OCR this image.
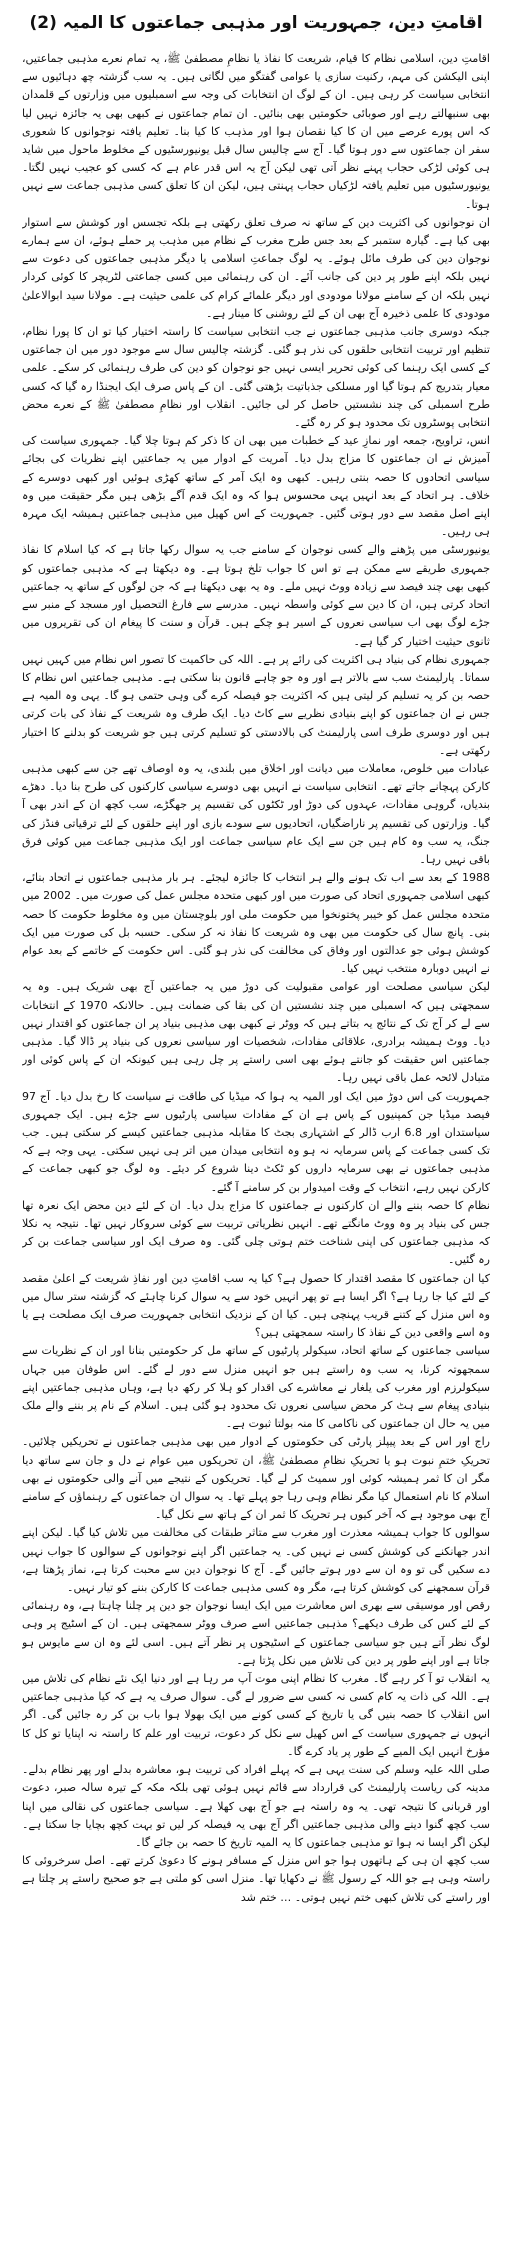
اقامتِ دین، جمہوریت اور مذہبی جماعتوں کا المیہ (2)

اقامتِ دین، اسلامی نظام کا قیام، شریعت کا نفاذ یا نظامِ مصطفیٰ ﷺ، یہ تمام نعرے مذہبی جماعتیں، اپنی الیکشن کی مہم، رکنیت سازی یا عوامی گفتگو میں لگاتی ہیں۔ یہ سب گزشتہ چھ دہائیوں سے انتخابی سیاست کر رہی ہیں۔ ان کے لوگ ان انتخابات کی وجہ سے اسمبلیوں میں وزارتوں کے قلمدان بھی سنبھالتے رہے اور صوبائی حکومتیں بھی بنائیں۔ ان تمام جماعتوں نے کبھی بھی یہ جائزہ نہیں لیا کہ اس پورے عرصے میں ان کا کیا نقصان ہوا اور مذہب کا کیا بنا۔ تعلیم یافتہ نوجوانوں کا شعوری سفر ان جماعتوں سے دور ہوتا گیا۔ آج سے چالیس سال قبل یونیورسٹیوں کے مخلوط ماحول میں شاید ہی کوئی لڑکی حجاب پہنے نظر آتی تھی لیکن آج یہ اس قدر عام ہے کہ کسی کو عجیب نہیں لگتا۔ یونیورسٹیوں میں تعلیم یافتہ لڑکیاں حجاب پہنتی ہیں، لیکن ان کا تعلق کسی مذہبی جماعت سے نہیں ہوتا۔

ان نوجوانوں کی اکثریت دین کے ساتھ نہ صرف تعلق رکھتی ہے بلکہ تجسس اور کوشش سے استوار بھی کیا ہے۔ گیارہ ستمبر کے بعد جس طرح مغرب کے نظام میں مذہب پر حملے ہوئے، ان سے ہمارے نوجوان دین کی طرف مائل ہوئے۔ یہ لوگ جماعتِ اسلامی یا دیگر مذہبی جماعتوں کی دعوت سے نہیں بلکہ اپنے طور پر دین کی جانب آئے۔ ان کی رہنمائی میں کسی جماعتی لٹریچر کا کوئی کردار نہیں بلکہ ان کے سامنے مولانا مودودی اور دیگر علمائے کرام کی علمی حیثیت ہے۔ مولانا سید ابوالاعلیٰ مودودی کا علمی ذخیرہ آج بھی ان کے لئے روشنی کا مینار ہے۔

جبکہ دوسری جانب مذہبی جماعتوں نے جب انتخابی سیاست کا راستہ اختیار کیا تو ان کا پورا نظام، تنظیم اور تربیت انتخابی حلقوں کی نذر ہو گئی۔ گزشتہ چالیس سال سے موجود دور میں ان جماعتوں کے کسی ایک رہنما کی کوئی تحریر ایسی نہیں جو نوجوان کو دین کی طرف رہنمائی کر سکے۔ علمی معیار بتدریج کم ہوتا گیا اور مسلکی جذباتیت بڑھتی گئی۔ ان کے پاس صرف ایک ایجنڈا رہ گیا کہ کسی طرح اسمبلی کی چند نشستیں حاصل کر لی جائیں۔ انقلاب اور نظامِ مصطفیٰ ﷺ کے نعرے محض انتخابی پوسٹروں تک محدود ہو کر رہ گئے۔

انس، تراویح، جمعہ اور نمازِ عید کے خطبات میں بھی ان کا ذکر کم ہوتا چلا گیا۔ جمہوری سیاست کی آمیزش نے ان جماعتوں کا مزاج بدل دیا۔ آمریت کے ادوار میں یہ جماعتیں اپنے نظریات کی بجائے سیاسی اتحادوں کا حصہ بنتی رہیں۔ کبھی وہ ایک آمر کے ساتھ کھڑی ہوئیں اور کبھی دوسرے کے خلاف۔ ہر اتحاد کے بعد انہیں یہی محسوس ہوا کہ وہ ایک قدم آگے بڑھی ہیں مگر حقیقت میں وہ اپنے اصل مقصد سے دور ہوتی گئیں۔ جمہوریت کے اس کھیل میں مذہبی جماعتیں ہمیشہ ایک مہرہ ہی رہیں۔

یونیورسٹی میں پڑھنے والے کسی نوجوان کے سامنے جب یہ سوال رکھا جاتا ہے کہ کیا اسلام کا نفاذ جمہوری طریقے سے ممکن ہے تو اس کا جواب تلخ ہوتا ہے۔ وہ دیکھتا ہے کہ مذہبی جماعتوں کو کبھی بھی چند فیصد سے زیادہ ووٹ نہیں ملے۔ وہ یہ بھی دیکھتا ہے کہ جن لوگوں کے ساتھ یہ جماعتیں اتحاد کرتی ہیں، ان کا دین سے کوئی واسطہ نہیں۔ مدرسے سے فارغ التحصیل اور مسجد کے منبر سے جڑے لوگ بھی اب سیاسی نعروں کے اسیر ہو چکے ہیں۔ قرآن و سنت کا پیغام ان کی تقریروں میں ثانوی حیثیت اختیار کر گیا ہے۔

جمہوری نظام کی بنیاد ہی اکثریت کی رائے پر ہے۔ اللہ کی حاکمیت کا تصور اس نظام میں کہیں نہیں سماتا۔ پارلیمنٹ سب سے بالاتر ہے اور وہ جو چاہے قانون بنا سکتی ہے۔ مذہبی جماعتیں اس نظام کا حصہ بن کر یہ تسلیم کر لیتی ہیں کہ اکثریت جو فیصلہ کرے گی وہی حتمی ہو گا۔ یہی وہ المیہ ہے جس نے ان جماعتوں کو اپنے بنیادی نظریے سے کاٹ دیا۔ ایک طرف وہ شریعت کے نفاذ کی بات کرتی ہیں اور دوسری طرف اسی پارلیمنٹ کی بالادستی کو تسلیم کرتی ہیں جو شریعت کو بدلنے کا اختیار رکھتی ہے۔

عبادات میں خلوص، معاملات میں دیانت اور اخلاق میں بلندی، یہ وہ اوصاف تھے جن سے کبھی مذہبی کارکن پہچانے جاتے تھے۔ انتخابی سیاست نے انہیں بھی دوسرے سیاسی کارکنوں کی طرح بنا دیا۔ دھڑے بندیاں، گروہی مفادات، عہدوں کی دوڑ اور ٹکٹوں کی تقسیم پر جھگڑے، سب کچھ ان کے اندر بھی آ گیا۔ وزارتوں کی تقسیم پر ناراضگیاں، اتحادیوں سے سودے بازی اور اپنے حلقوں کے لئے ترقیاتی فنڈز کی جنگ، یہ سب وہ کام ہیں جن سے ایک عام سیاسی جماعت اور ایک مذہبی جماعت میں کوئی فرق باقی نہیں رہا۔

1988 کے بعد سے اب تک ہونے والے ہر انتخاب کا جائزہ لیجئے۔ ہر بار مذہبی جماعتوں نے اتحاد بنائے، کبھی اسلامی جمہوری اتحاد کی صورت میں اور کبھی متحدہ مجلس عمل کی صورت میں۔ 2002 میں متحدہ مجلس عمل کو خیبر پختونخوا میں حکومت ملی اور بلوچستان میں وہ مخلوط حکومت کا حصہ بنی۔ پانچ سال کی حکومت میں بھی وہ شریعت کا نفاذ نہ کر سکی۔ حسبہ بل کی صورت میں ایک کوشش ہوئی جو عدالتوں اور وفاق کی مخالفت کی نذر ہو گئی۔ اس حکومت کے خاتمے کے بعد عوام نے انہیں دوبارہ منتخب نہیں کیا۔

لیکن سیاسی مصلحت اور عوامی مقبولیت کی دوڑ میں یہ جماعتیں آج بھی شریک ہیں۔ وہ یہ سمجھتی ہیں کہ اسمبلی میں چند نشستیں ان کی بقا کی ضمانت ہیں۔ حالانکہ 1970 کے انتخابات سے لے کر آج تک کے نتائج یہ بتاتے ہیں کہ ووٹر نے کبھی بھی مذہبی بنیاد پر ان جماعتوں کو اقتدار نہیں دیا۔ ووٹ ہمیشہ برادری، علاقائی مفادات، شخصیات اور سیاسی نعروں کی بنیاد پر ڈالا گیا۔ مذہبی جماعتیں اس حقیقت کو جانتے ہوئے بھی اسی راستے پر چل رہی ہیں کیونکہ ان کے پاس کوئی اور متبادل لائحہ عمل باقی نہیں رہا۔

جمہوریت کی اس دوڑ میں ایک اور المیہ یہ ہوا کہ میڈیا کی طاقت نے سیاست کا رخ بدل دیا۔ آج 97 فیصد میڈیا جن کمپنیوں کے پاس ہے ان کے مفادات سیاسی پارٹیوں سے جڑے ہیں۔ ایک جمہوری سیاستدان اور 6.8 ارب ڈالر کے اشتہاری بجٹ کا مقابلہ مذہبی جماعتیں کیسے کر سکتی ہیں۔ جب تک کسی جماعت کے پاس سرمایہ نہ ہو وہ انتخابی میدان میں اتر ہی نہیں سکتی۔ یہی وجہ ہے کہ مذہبی جماعتوں نے بھی سرمایہ داروں کو ٹکٹ دینا شروع کر دیئے۔ وہ لوگ جو کبھی جماعت کے کارکن نہیں رہے، انتخاب کے وقت امیدوار بن کر سامنے آ گئے۔

نظام کا حصہ بننے والے ان کارکنوں نے جماعتوں کا مزاج بدل دیا۔ ان کے لئے دین محض ایک نعرہ تھا جس کی بنیاد پر وہ ووٹ مانگتے تھے۔ انہیں نظریاتی تربیت سے کوئی سروکار نہیں تھا۔ نتیجہ یہ نکلا کہ مذہبی جماعتوں کی اپنی شناخت ختم ہوتی چلی گئی۔ وہ صرف ایک اور سیاسی جماعت بن کر رہ گئیں۔

کیا ان جماعتوں کا مقصد اقتدار کا حصول ہے؟ کیا یہ سب اقامتِ دین اور نفاذِ شریعت کے اعلیٰ مقصد کے لئے کیا جا رہا ہے؟ اگر ایسا ہے تو پھر انہیں خود سے یہ سوال کرنا چاہئے کہ گزشتہ ستر سال میں وہ اس منزل کے کتنے قریب پہنچی ہیں۔ کیا ان کے نزدیک انتخابی جمہوریت صرف ایک مصلحت ہے یا وہ اسے واقعی دین کے نفاذ کا راستہ سمجھتی ہیں؟

سیاسی جماعتوں کے ساتھ اتحاد، سیکولر پارٹیوں کے ساتھ مل کر حکومتیں بنانا اور ان کے نظریات سے سمجھوتہ کرنا، یہ سب وہ راستے ہیں جو انہیں منزل سے دور لے گئے۔ اس طوفان میں جہاں سیکولرزم اور مغرب کی یلغار نے معاشرے کی اقدار کو ہلا کر رکھ دیا ہے، وہاں مذہبی جماعتیں اپنے بنیادی پیغام سے ہٹ کر محض سیاسی نعروں تک محدود ہو گئی ہیں۔ اسلام کے نام پر بننے والے ملک میں یہ حال ان جماعتوں کی ناکامی کا منہ بولتا ثبوت ہے۔

راج اور اس کے بعد پیپلز پارٹی کی حکومتوں کے ادوار میں بھی مذہبی جماعتوں نے تحریکیں چلائیں۔ تحریکِ ختمِ نبوت ہو یا تحریکِ نظامِ مصطفیٰ ﷺ، ان تحریکوں میں عوام نے دل و جان سے ساتھ دیا مگر ان کا ثمر ہمیشہ کوئی اور سمیٹ کر لے گیا۔ تحریکوں کے نتیجے میں آنے والی حکومتوں نے بھی اسلام کا نام استعمال کیا مگر نظام وہی رہا جو پہلے تھا۔ یہ سوال ان جماعتوں کے رہنماؤں کے سامنے آج بھی موجود ہے کہ آخر کیوں ہر تحریک کا ثمر ان کے ہاتھ سے نکل گیا۔

سوالوں کا جواب ہمیشہ معذرت اور مغرب سے متاثر طبقات کی مخالفت میں تلاش کیا گیا۔ لیکن اپنے اندر جھانکنے کی کوشش کسی نے نہیں کی۔ یہ جماعتیں اگر اپنے نوجوانوں کے سوالوں کا جواب نہیں دے سکیں گی تو وہ ان سے دور ہوتے جائیں گے۔ آج کا نوجوان دین سے محبت کرتا ہے، نماز پڑھتا ہے، قرآن سمجھنے کی کوشش کرتا ہے، مگر وہ کسی مذہبی جماعت کا کارکن بننے کو تیار نہیں۔

رقص اور موسیقی سے بھری اس معاشرت میں ایک ایسا نوجوان جو دین پر چلنا چاہتا ہے، وہ رہنمائی کے لئے کس کی طرف دیکھے؟ مذہبی جماعتیں اسے صرف ووٹر سمجھتی ہیں۔ ان کے اسٹیج پر وہی لوگ نظر آتے ہیں جو سیاسی جماعتوں کے اسٹیجوں پر نظر آتے ہیں۔ اسی لئے وہ ان سے مایوس ہو جاتا ہے اور اپنے طور پر دین کی تلاش میں نکل پڑتا ہے۔

یہ انقلاب تو آ کر رہے گا۔ مغرب کا نظام اپنی موت آپ مر رہا ہے اور دنیا ایک نئے نظام کی تلاش میں ہے۔ اللہ کی ذات یہ کام کسی نہ کسی سے ضرور لے گی۔ سوال صرف یہ ہے کہ کیا مذہبی جماعتیں اس انقلاب کا حصہ بنیں گی یا تاریخ کے کسی کونے میں ایک بھولا ہوا باب بن کر رہ جائیں گی۔ اگر انہوں نے جمہوری سیاست کے اس کھیل سے نکل کر دعوت، تربیت اور علم کا راستہ نہ اپنایا تو کل کا مؤرخ انہیں ایک المیے کے طور پر یاد کرے گا۔

صلی اللہ علیہ وسلم کی سنت یہی ہے کہ پہلے افراد کی تربیت ہو، معاشرہ بدلے اور پھر نظام بدلے۔ مدینہ کی ریاست پارلیمنٹ کی قرارداد سے قائم نہیں ہوئی تھی بلکہ مکہ کے تیرہ سالہ صبر، دعوت اور قربانی کا نتیجہ تھی۔ یہ وہ راستہ ہے جو آج بھی کھلا ہے۔ سیاسی جماعتوں کی نقالی میں اپنا سب کچھ گنوا دینے والی مذہبی جماعتیں اگر آج بھی یہ فیصلہ کر لیں تو بہت کچھ بچایا جا سکتا ہے۔ لیکن اگر ایسا نہ ہوا تو مذہبی جماعتوں کا یہ المیہ تاریخ کا حصہ بن جائے گا۔

سب کچھ ان ہی کے ہاتھوں ہوا جو اس منزل کے مسافر ہونے کا دعویٰ کرتے تھے۔ اصل سرخروئی کا راستہ وہی ہے جو اللہ کے رسول ﷺ نے دکھایا تھا۔ منزل اسی کو ملتی ہے جو صحیح راستے پر چلتا ہے اور راستے کی تلاش کبھی ختم نہیں ہوتی۔ … ختم شد
